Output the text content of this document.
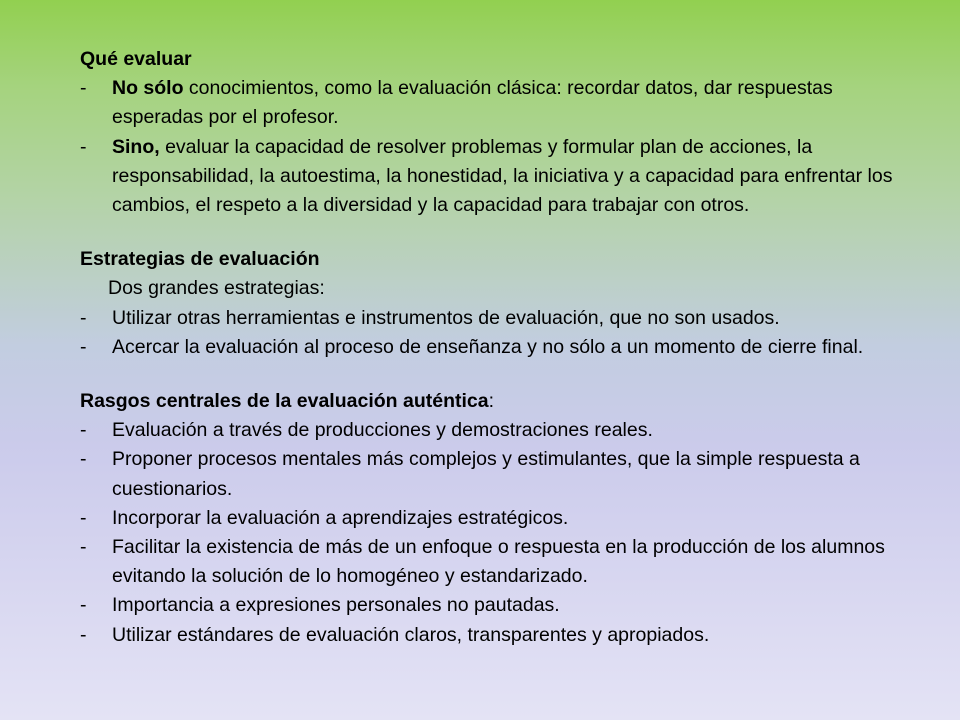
Qué evaluar

-	No sólo conocimientos, como la evaluación clásica: recordar datos, dar respuestas esperadas por el profesor.
-	Sino, evaluar la capacidad de resolver problemas y formular plan de acciones, la responsabilidad, la autoestima, la honestidad, la iniciativa y a capacidad para enfrentar los cambios, el respeto a la diversidad y la capacidad para trabajar con otros.

Estrategias de evaluación

Dos grandes estrategias:

-	Utilizar otras herramientas e instrumentos de evaluación, que no son usados.
-	Acercar la evaluación al proceso de enseñanza y no sólo a un momento de cierre final.

Rasgos centrales de la evaluación auténtica:

-	Evaluación a través de producciones y demostraciones reales.
-	Proponer procesos mentales más complejos y estimulantes, que la simple respuesta a cuestionarios.
-	Incorporar la evaluación a aprendizajes estratégicos.
-	Facilitar la existencia de más de un enfoque o respuesta en la producción de los alumnos evitando la solución de lo homogéneo y estandarizado.
-	Importancia a expresiones personales no pautadas.
-	Utilizar estándares de evaluación claros, transparentes y apropiados.
